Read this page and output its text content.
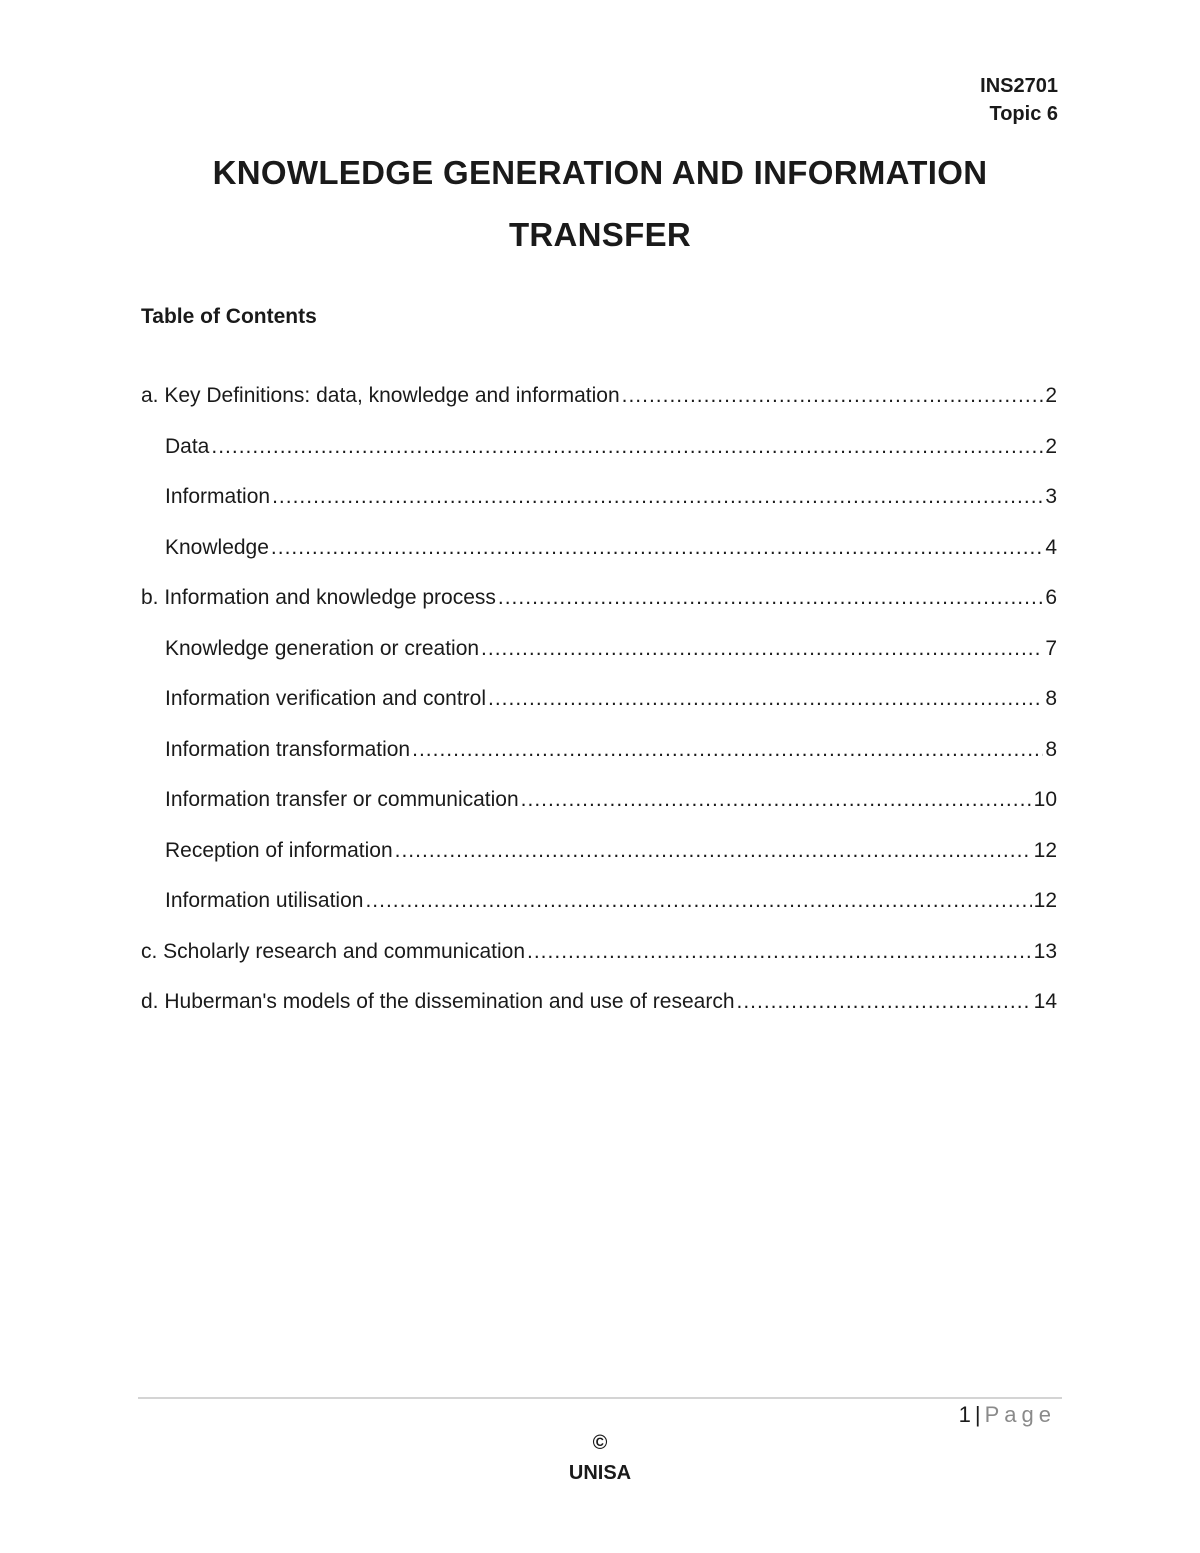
INS2701
Topic 6
KNOWLEDGE GENERATION AND INFORMATION
TRANSFER
Table of Contents
a. Key Definitions: data, knowledge and information .....	2
Data .....	2
Information .....	3
Knowledge .....	4
b. Information and knowledge process .....	6
Knowledge generation or creation .....	7
Information verification and control .....	8
Information transformation .....	8
Information transfer or communication .....	10
Reception of information .....	12
Information utilisation .....	12
c. Scholarly research and communication .....	13
d. Huberman's models of the dissemination and use of research .....	14
1 | Page
©
UNISA
